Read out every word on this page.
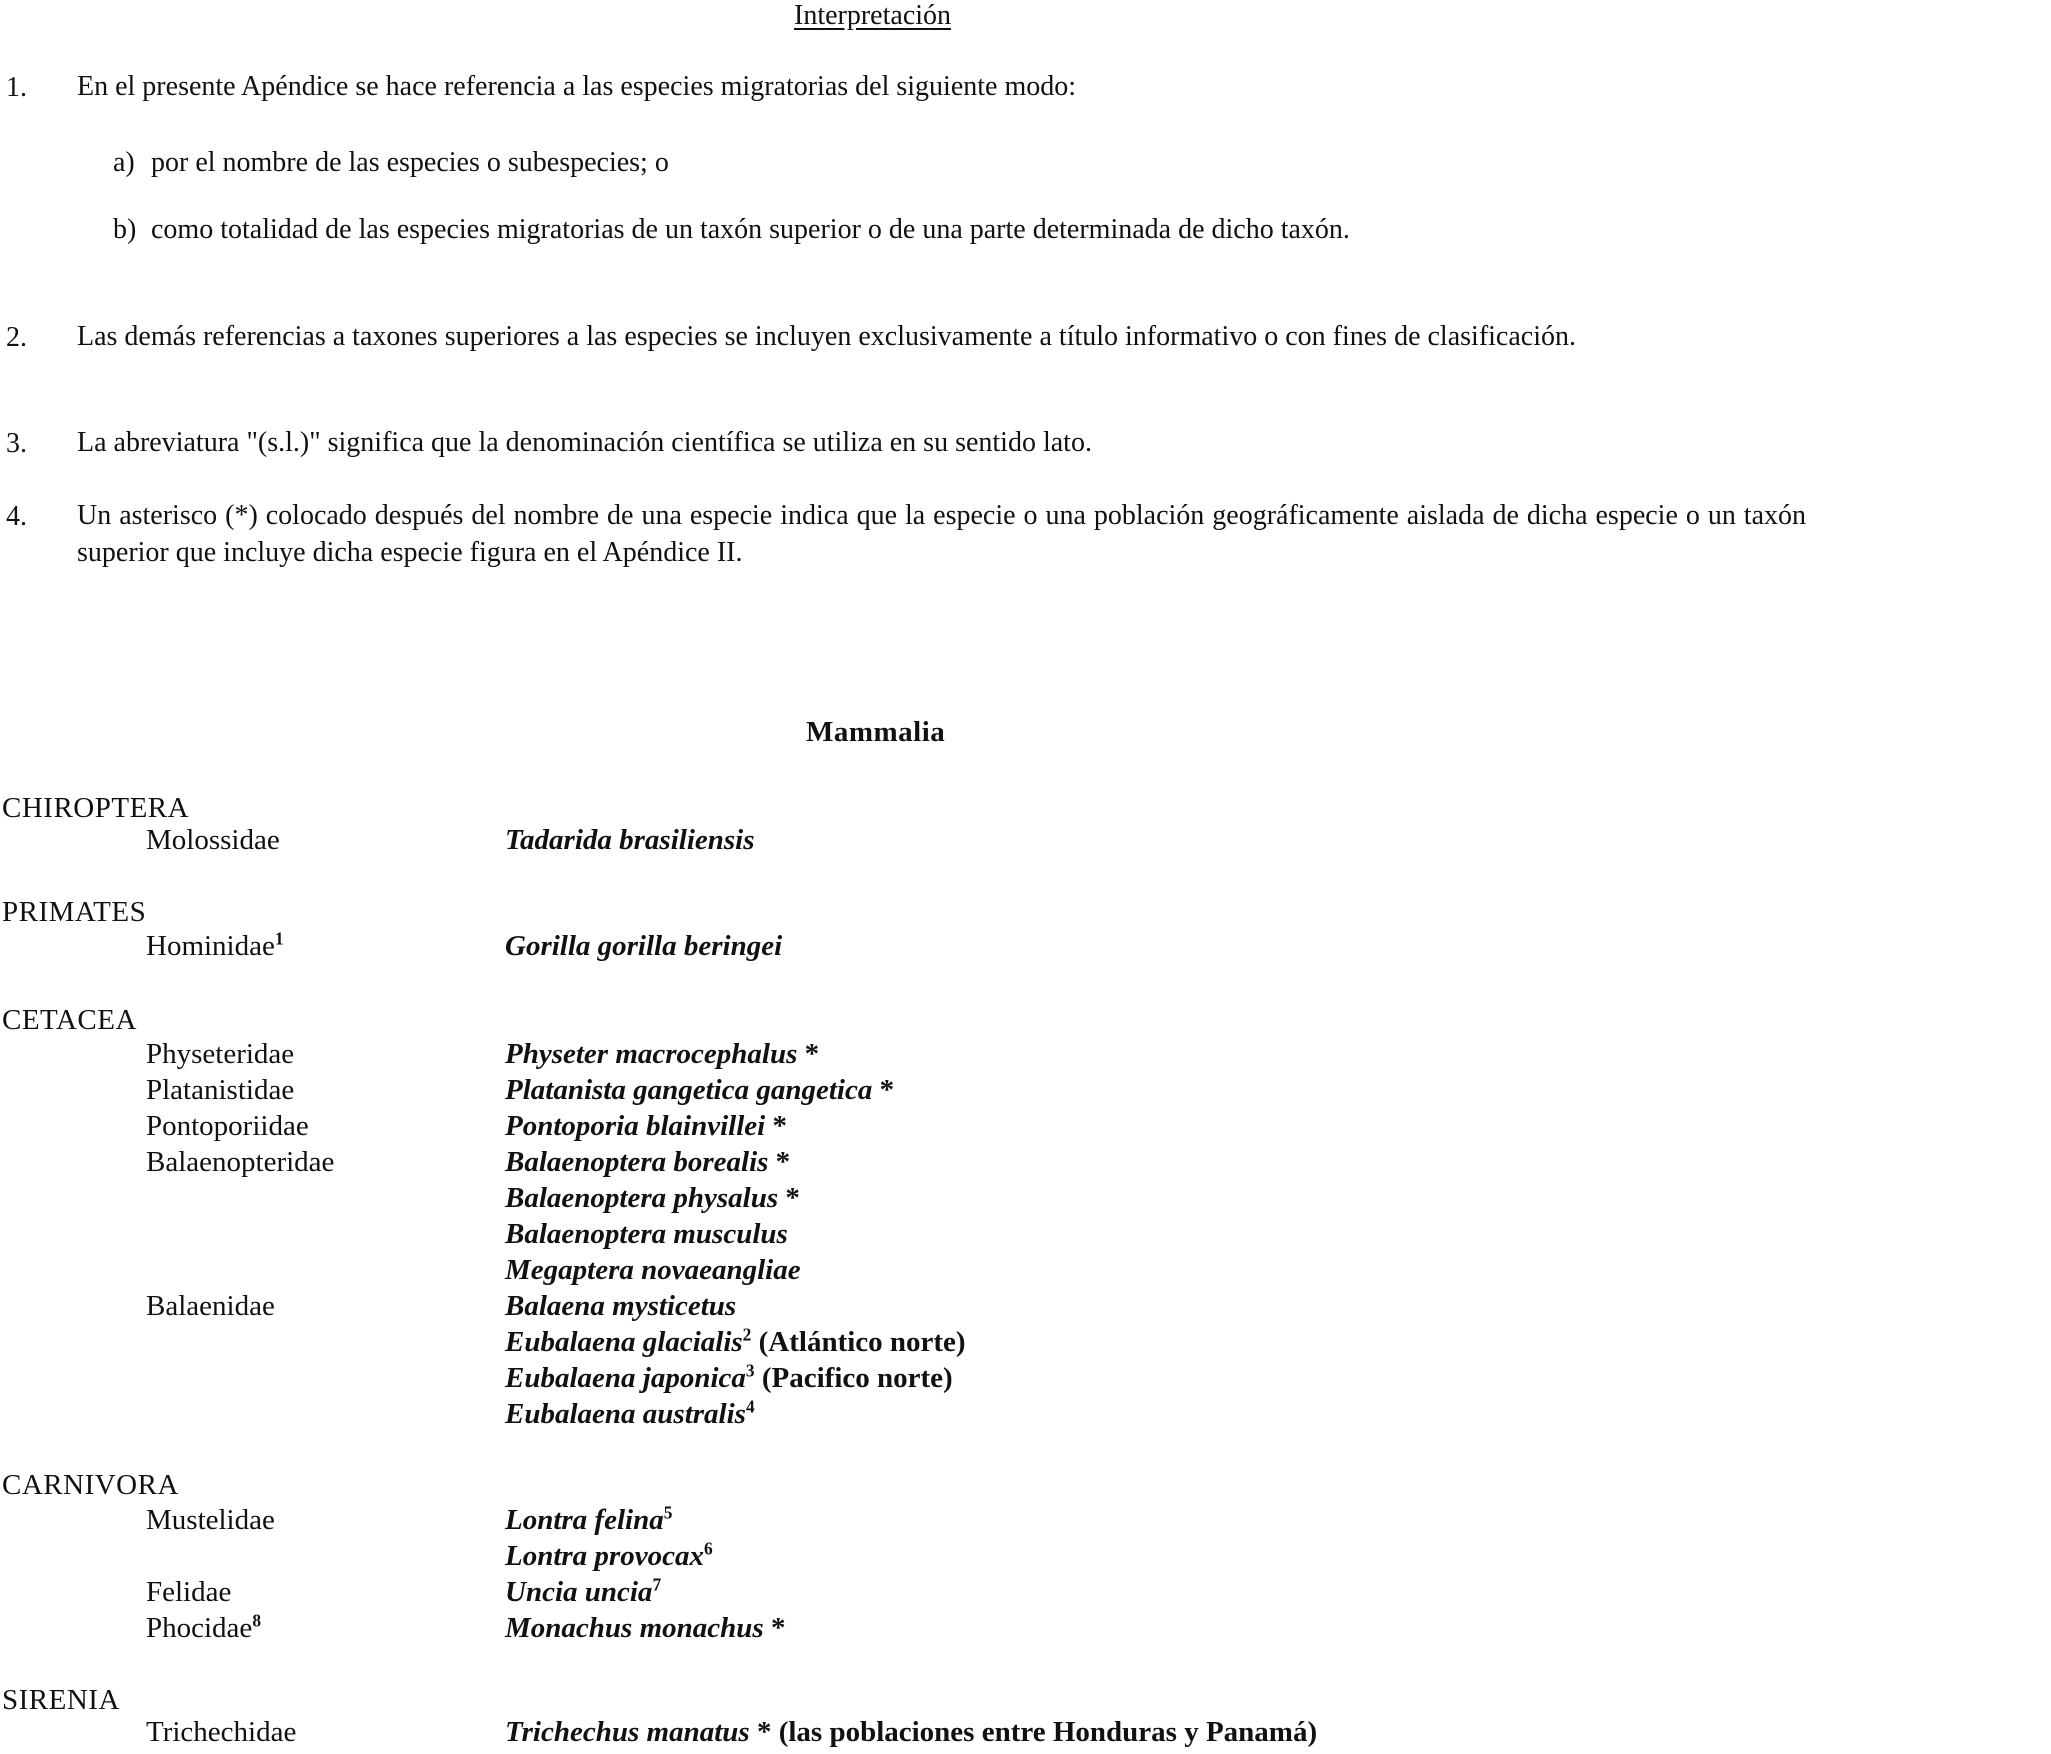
Interpretación
1. En el presente Apéndice se hace referencia a las especies migratorias del siguiente modo:
a) por el nombre de las especies o subespecies; o
b) como totalidad de las especies migratorias de un taxón superior o de una parte determinada de dicho taxón.
2. Las demás referencias a taxones superiores a las especies se incluyen exclusivamente a título informativo o con fines de clasificación.
3. La abreviatura "(s.l.)" significa que la denominación científica se utiliza en su sentido lato.
4. Un asterisco (*) colocado después del nombre de una especie indica que la especie o una población geográficamente aislada de dicha especie o un taxón superior que incluye dicha especie figura en el Apéndice II.
Mammalia
CHIROPTERA
Molossidae	Tadarida brasiliensis
PRIMATES
Hominidae$^1$	Gorilla gorilla beringei
CETACEA
Physeteridae	Physeter macrocephalus *
Platanistidae	Platanista gangetica gangetica *
Pontoporiidae	Pontoporia blainvillei *
Balaenopteridae	Balaenoptera borealis *
Balaenoptera physalus *
Balaenoptera musculus
Megaptera novaeangliae
Balaenidae	Balaena mysticetus
Eubalaena glacialis$^2$ (Atlántico norte)
Eubalaena japonica$^3$ (Pacifico norte)
Eubalaena australis$^4$
CARNIVORA
Mustelidae	Lontra felina$^5$
Lontra provocax$^6$
Felidae	Uncia uncia$^7$
Phocidae$^8$	Monachus monachus *
SIRENIA
Trichechidae	Trichechus manatus * (las poblaciones entre Honduras y Panamá)
